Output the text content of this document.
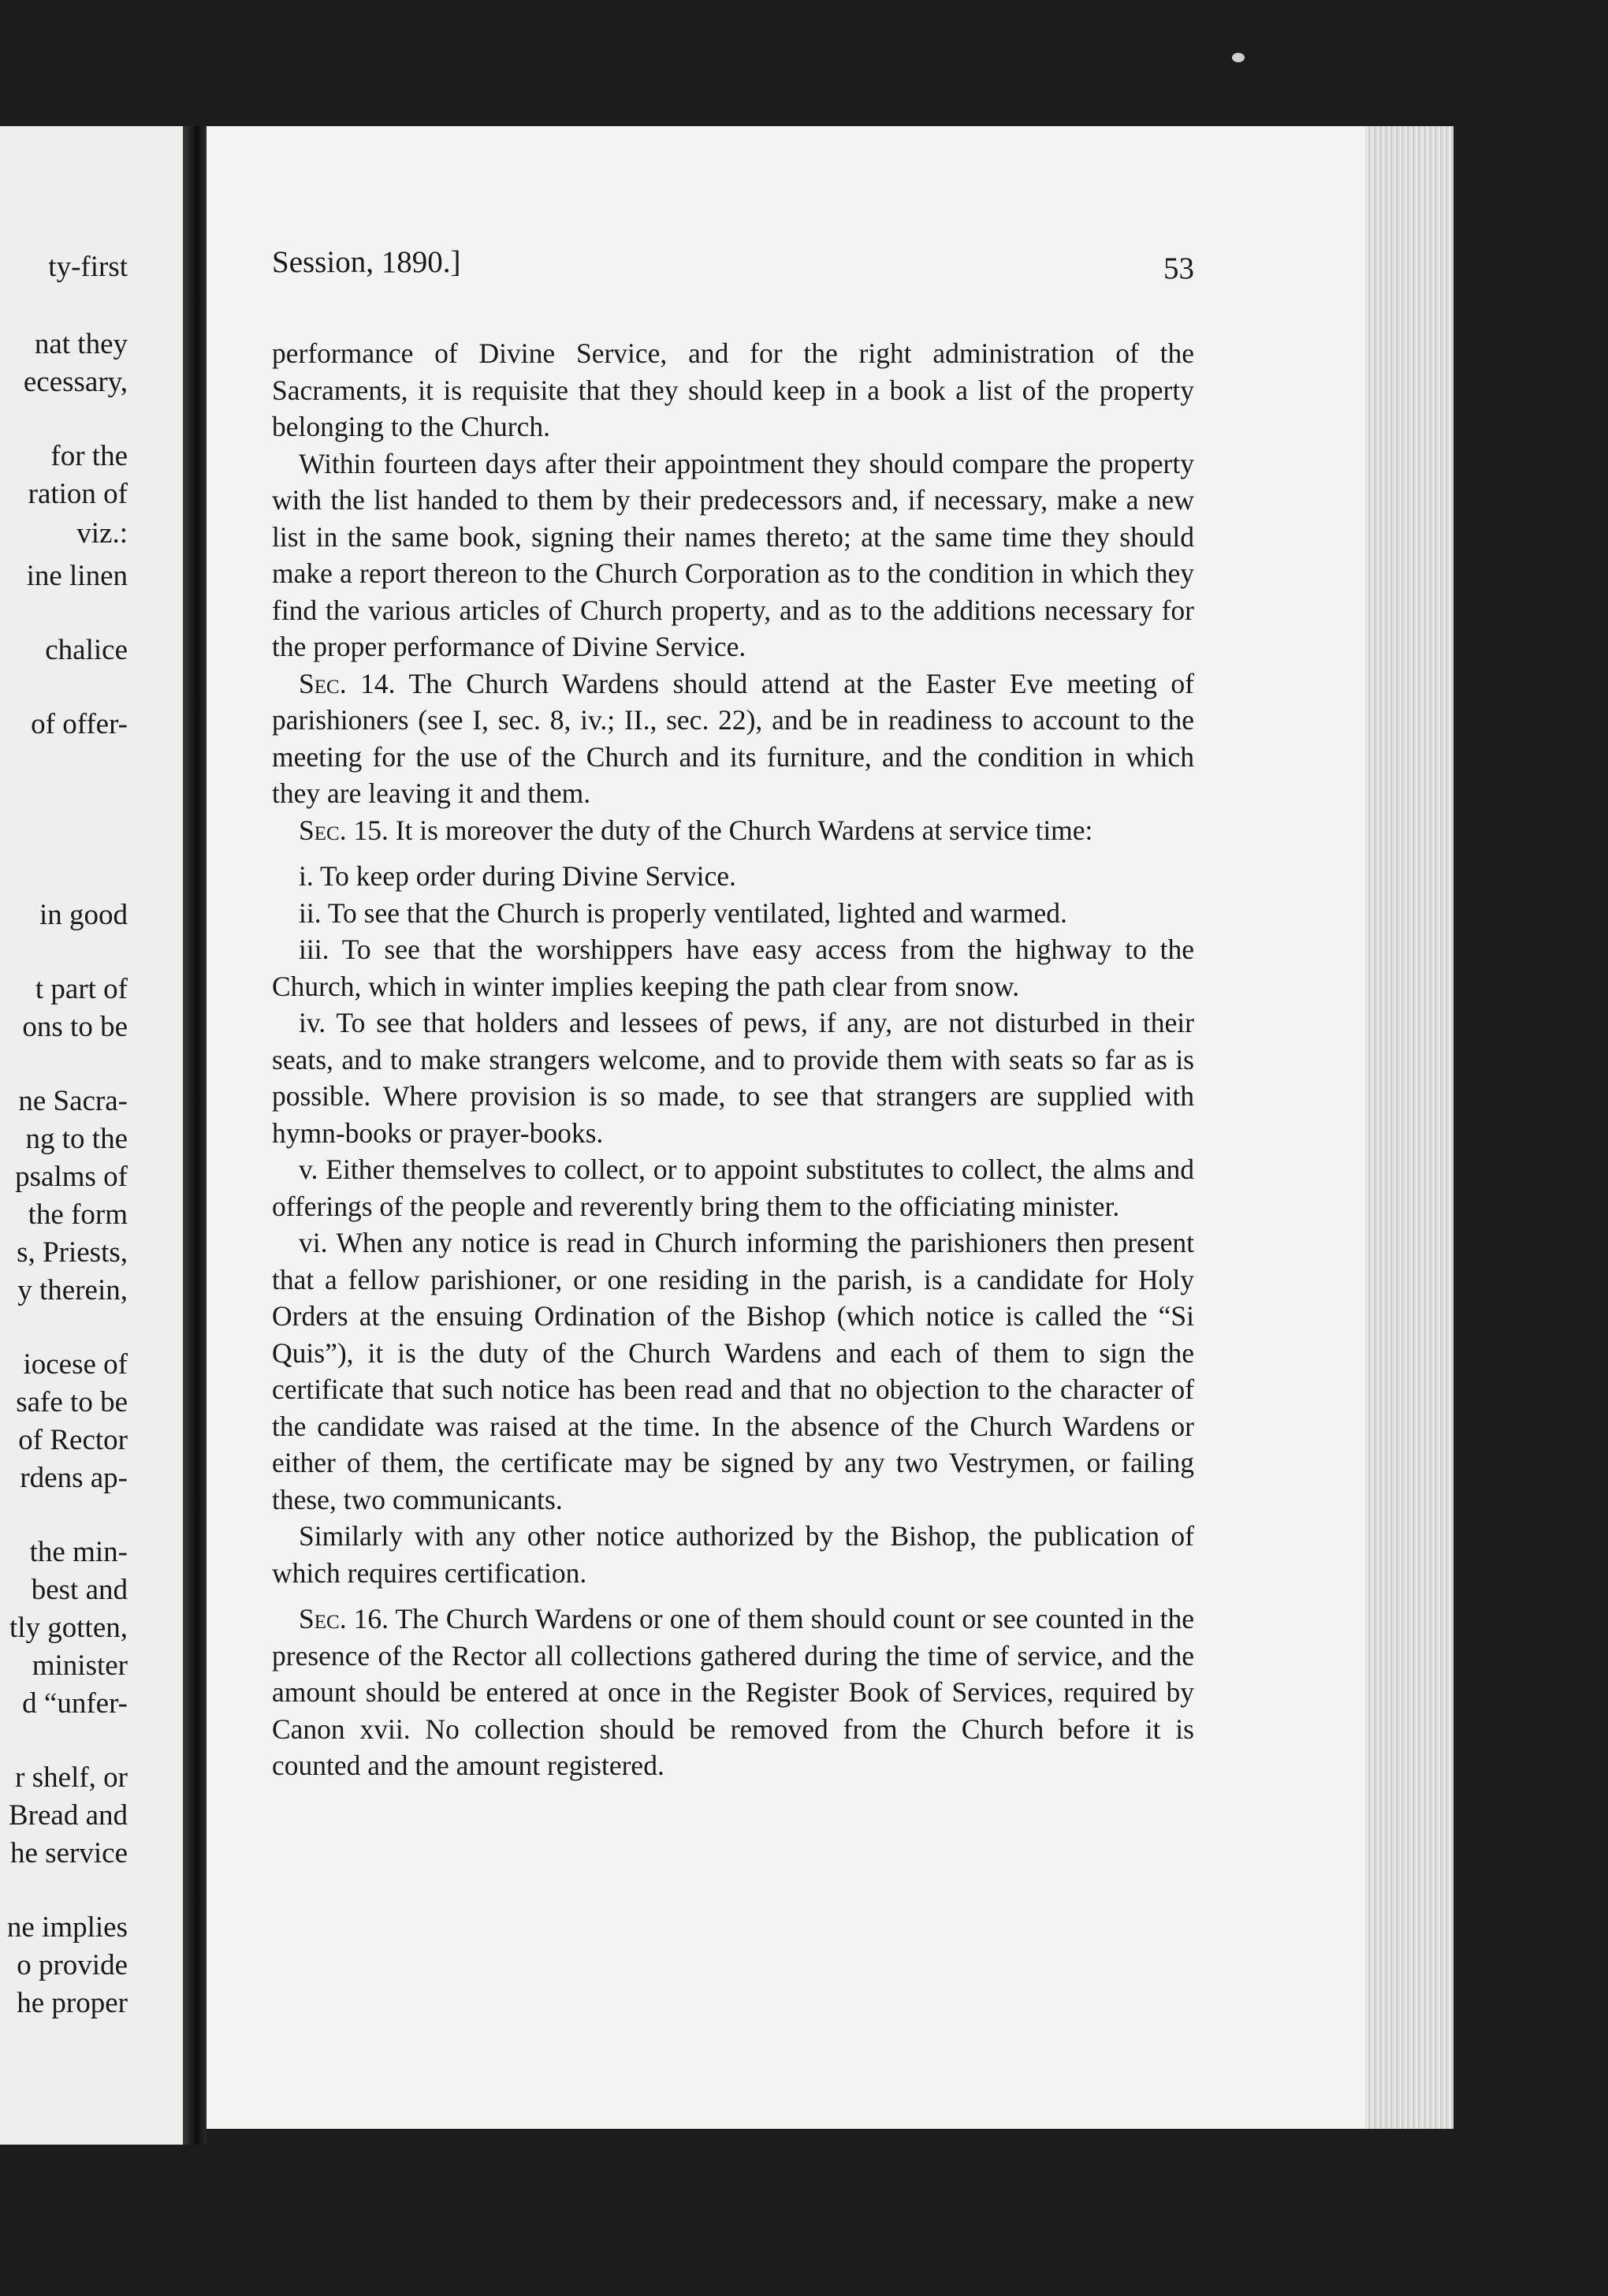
ty-first
nat they
ecessary,
for the
ration of
viz.:
ine linen
chalice
of offer-
in good
t part of
ons to be
ne Sacra-
ng to the
psalms of
the form
s, Priests,
y therein,
iocese of
safe to be
of Rector
rdens ap-
the min-
best and
tly gotten,
minister
d “unfer-
r shelf, or
Bread and
he service
ne implies
o provide
he proper
Session, 1890.]	53

performance of Divine Service, and for the right administration of the Sacraments, it is requisite that they should keep in a book a list of the property belonging to the Church.

Within fourteen days after their appointment they should compare the property with the list handed to them by their predecessors and, if necessary, make a new list in the same book, signing their names thereto; at the same time they should make a report thereon to the Church Corporation as to the condition in which they find the various articles of Church property, and as to the additions necessary for the proper performance of Divine Service.

Sec. 14. The Church Wardens should attend at the Easter Eve meeting of parishioners (see I, sec. 8, iv.; II., sec. 22), and be in readiness to account to the meeting for the use of the Church and its furniture, and the condition in which they are leaving it and them.

Sec. 15. It is moreover the duty of the Church Wardens at service time:

i. To keep order during Divine Service.

ii. To see that the Church is properly ventilated, lighted and warmed.

iii. To see that the worshippers have easy access from the highway to the Church, which in winter implies keeping the path clear from snow.

iv. To see that holders and lessees of pews, if any, are not disturbed in their seats, and to make strangers welcome, and to provide them with seats so far as is possible. Where provision is so made, to see that strangers are supplied with hymn-books or prayer-books.

v. Either themselves to collect, or to appoint substitutes to collect, the alms and offerings of the people and reverently bring them to the officiating minister.

vi. When any notice is read in Church informing the parishioners then present that a fellow parishioner, or one residing in the parish, is a candidate for Holy Orders at the ensuing Ordination of the Bishop (which notice is called the “Si Quis”), it is the duty of the Church Wardens and each of them to sign the certificate that such notice has been read and that no objection to the character of the candidate was raised at the time. In the absence of the Church Wardens or either of them, the certificate may be signed by any two Vestrymen, or failing these, two communicants.

Similarly with any other notice authorized by the Bishop, the publication of which requires certification.

Sec. 16. The Church Wardens or one of them should count or see counted in the presence of the Rector all collections gathered during the time of service, and the amount should be entered at once in the Register Book of Services, required by Canon xvii. No collection should be removed from the Church before it is counted and the amount registered.
